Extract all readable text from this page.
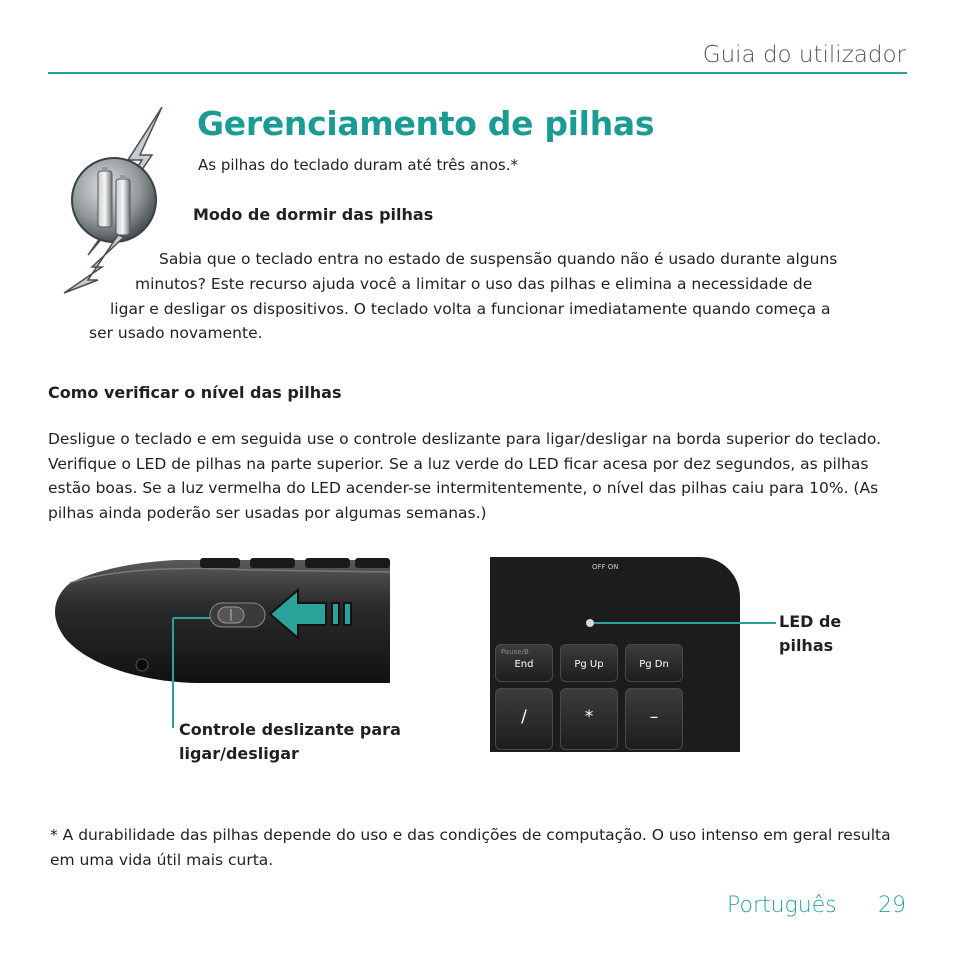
Guia do utilizador
Gerenciamento de pilhas
As pilhas do teclado duram até três anos.*
Modo de dormir das pilhas
Sabia que o teclado entra no estado de suspensão quando não é usado durante alguns
minutos? Este recurso ajuda você a limitar o uso das pilhas e elimina a necessidade de
ligar e desligar os dispositivos. O teclado volta a funcionar imediatamente quando começa a
ser usado novamente.
Como verificar o nível das pilhas
Desligue o teclado e em seguida use o controle deslizante para ligar/desligar na borda superior do teclado. Verifique o LED de pilhas na parte superior. Se a luz verde do LED ficar acesa por dez segundos, as pilhas estão boas. Se a luz vermelha do LED acender-se intermitentemente, o nível das pilhas caiu para 10%. (As pilhas ainda poderão ser usadas por algumas semanas.)
Controle deslizante para ligar/desligar
OFF ON
Pause/B
End	Pg Up	Pg Dn
/	*	–
LED de pilhas
* A durabilidade das pilhas depende do uso e das condições de computação. O uso intenso em geral resulta em uma vida útil mais curta.
Português 29
